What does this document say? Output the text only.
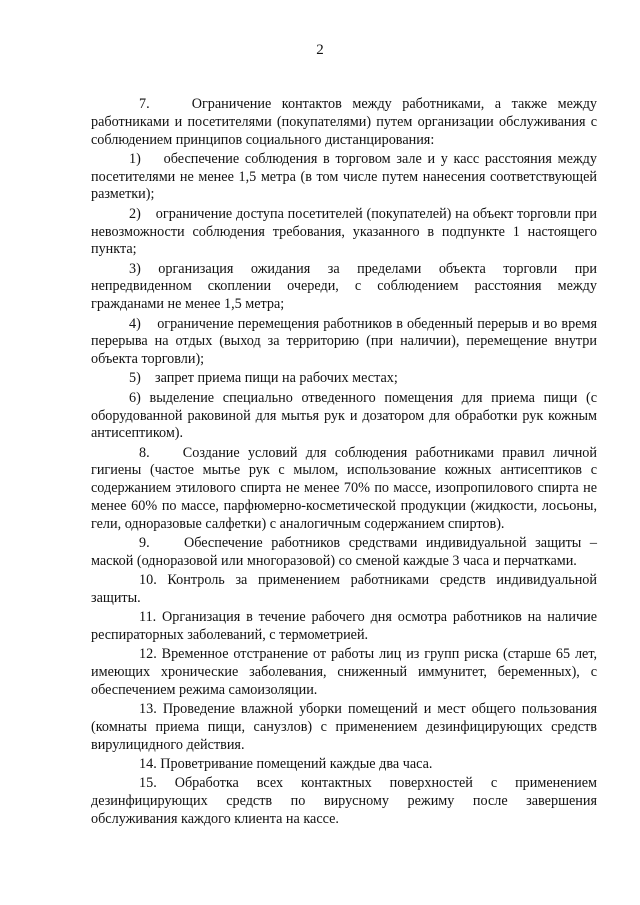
2

7.    Ограничение контактов между работниками, а также между работниками и посетителями (покупателями) путем организации обслуживания с соблюдением принципов социального дистанцирования:

1)    обеспечение соблюдения в торговом зале и у касс расстояния между посетителями не менее 1,5 метра (в том числе путем нанесения соответствующей разметки);

2)    ограничение доступа посетителей (покупателей) на объект торговли при невозможности соблюдения требования, указанного в подпункте 1 настоящего пункта;

3) организация ожидания за пределами объекта торговли при непредвиденном скоплении очереди, с соблюдением расстояния между гражданами не менее 1,5 метра;

4)    ограничение перемещения работников в обеденный перерыв и во время перерыва на отдых (выход за территорию (при наличии), перемещение внутри объекта торговли);

5)    запрет приема пищи на рабочих местах;

6) выделение специально отведенного помещения для приема пищи (с оборудованной раковиной для мытья рук и дозатором для обработки рук кожным антисептиком).

8.    Создание условий для соблюдения работниками правил личной гигиены (частое мытье рук с мылом, использование кожных антисептиков с содержанием этилового спирта не менее 70% по массе, изопропилового спирта не менее 60% по массе, парфюмерно-косметической продукции (жидкости, лосьоны, гели, одноразовые салфетки) с аналогичным содержанием спиртов).

9.    Обеспечение работников средствами индивидуальной защиты – маской (одноразовой или многоразовой) со сменой каждые 3 часа и перчатками.

10. Контроль за применением работниками средств индивидуальной защиты.

11. Организация в течение рабочего дня осмотра работников на наличие респираторных заболеваний, с термометрией.

12. Временное отстранение от работы лиц из групп риска (старше 65 лет, имеющих хронические заболевания, сниженный иммунитет, беременных), с обеспечением режима самоизоляции.

13. Проведение влажной уборки помещений и мест общего пользования (комнаты приема пищи, санузлов) с применением дезинфицирующих средств вирулицидного действия.

14. Проветривание помещений каждые два часа.

15. Обработка всех контактных поверхностей с применением дезинфицирующих средств по вирусному режиму после завершения обслуживания каждого клиента на кассе.
